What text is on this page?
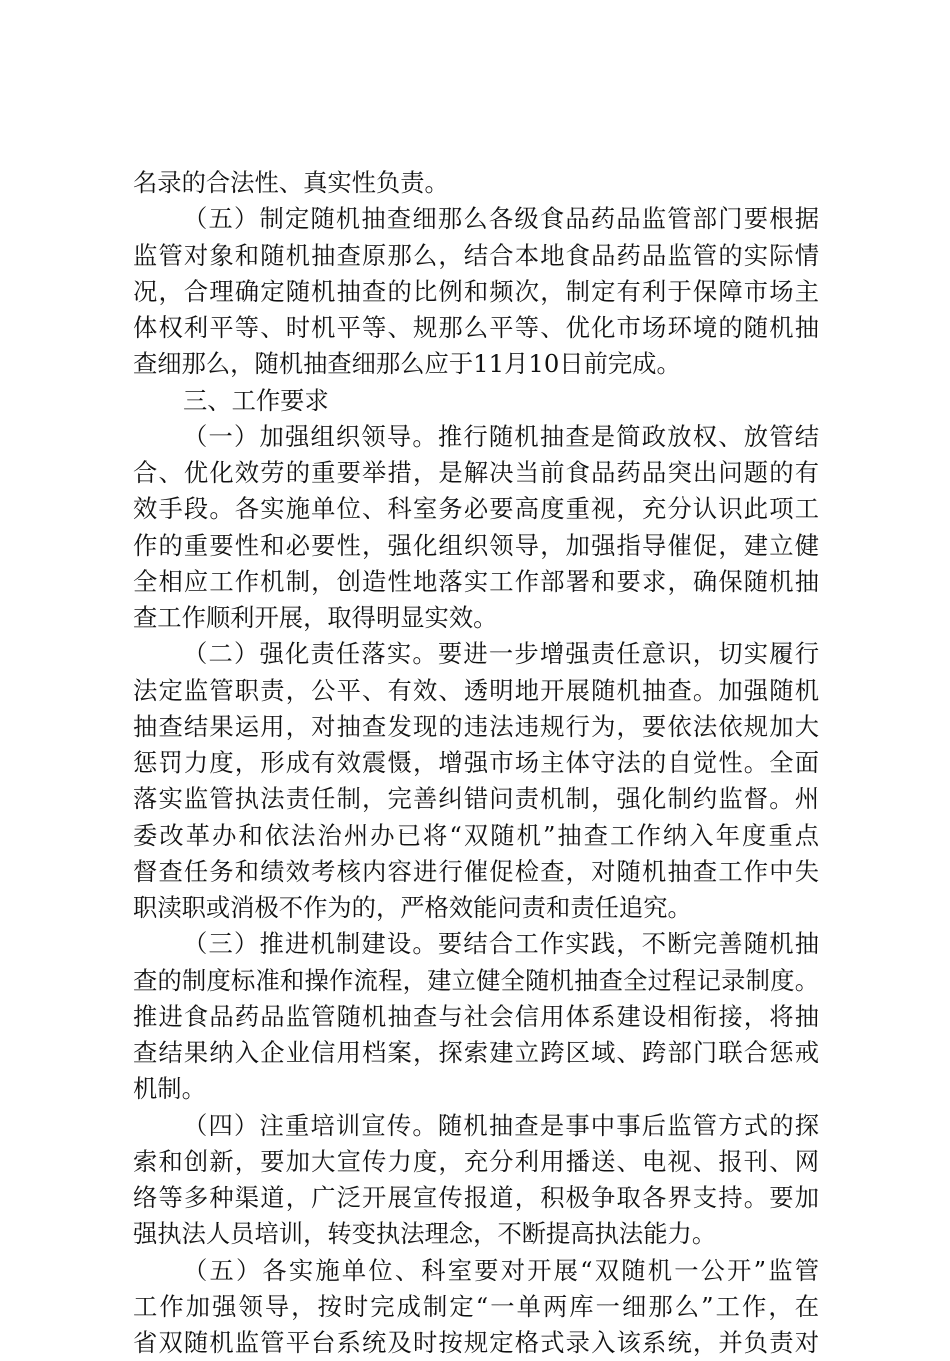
名录的合法性、真实性负责。
（五）制定随机抽查细那么各级食品药品监管部门要根据
监管对象和随机抽查原那么，结合本地食品药品监管的实际情
况，合理确定随机抽查的比例和频次，制定有利于保障市场主
体权利平等、时机平等、规那么平等、优化市场环境的随机抽
查细那么，随机抽查细那么应于11月10日前完成。
三、工作要求
（一）加强组织领导。推行随机抽查是简政放权、放管结
合、优化效劳的重要举措，是解决当前食品药品突出问题的有
效手段。各实施单位、科室务必要高度重视，充分认识此项工
作的重要性和必要性，强化组织领导，加强指导催促，建立健
全相应工作机制，创造性地落实工作部署和要求，确保随机抽
查工作顺利开展，取得明显实效。
（二）强化责任落实。要进一步增强责任意识，切实履行
法定监管职责，公平、有效、透明地开展随机抽查。加强随机
抽查结果运用，对抽查发现的违法违规行为，要依法依规加大
惩罚力度，形成有效震慑，增强市场主体守法的自觉性。全面
落实监管执法责任制，完善纠错问责机制，强化制约监督。州
委改革办和依法治州办已将“双随机”抽查工作纳入年度重点
督查任务和绩效考核内容进行催促检查，对随机抽查工作中失
职渎职或消极不作为的，严格效能问责和责任追究。
（三）推进机制建设。要结合工作实践，不断完善随机抽
查的制度标准和操作流程，建立健全随机抽查全过程记录制度。
推进食品药品监管随机抽查与社会信用体系建设相衔接，将抽
查结果纳入企业信用档案，探索建立跨区域、跨部门联合惩戒
机制。
（四）注重培训宣传。随机抽查是事中事后监管方式的探
索和创新，要加大宣传力度，充分利用播送、电视、报刊、网
络等多种渠道，广泛开展宣传报道，积极争取各界支持。要加
强执法人员培训，转变执法理念，不断提高执法能力。
（五）各实施单位、科室要对开展“双随机一公开”监管
工作加强领导，按时完成制定“一单两库一细那么”工作，在
省双随机监管平台系统及时按规定格式录入该系统，并负责对
